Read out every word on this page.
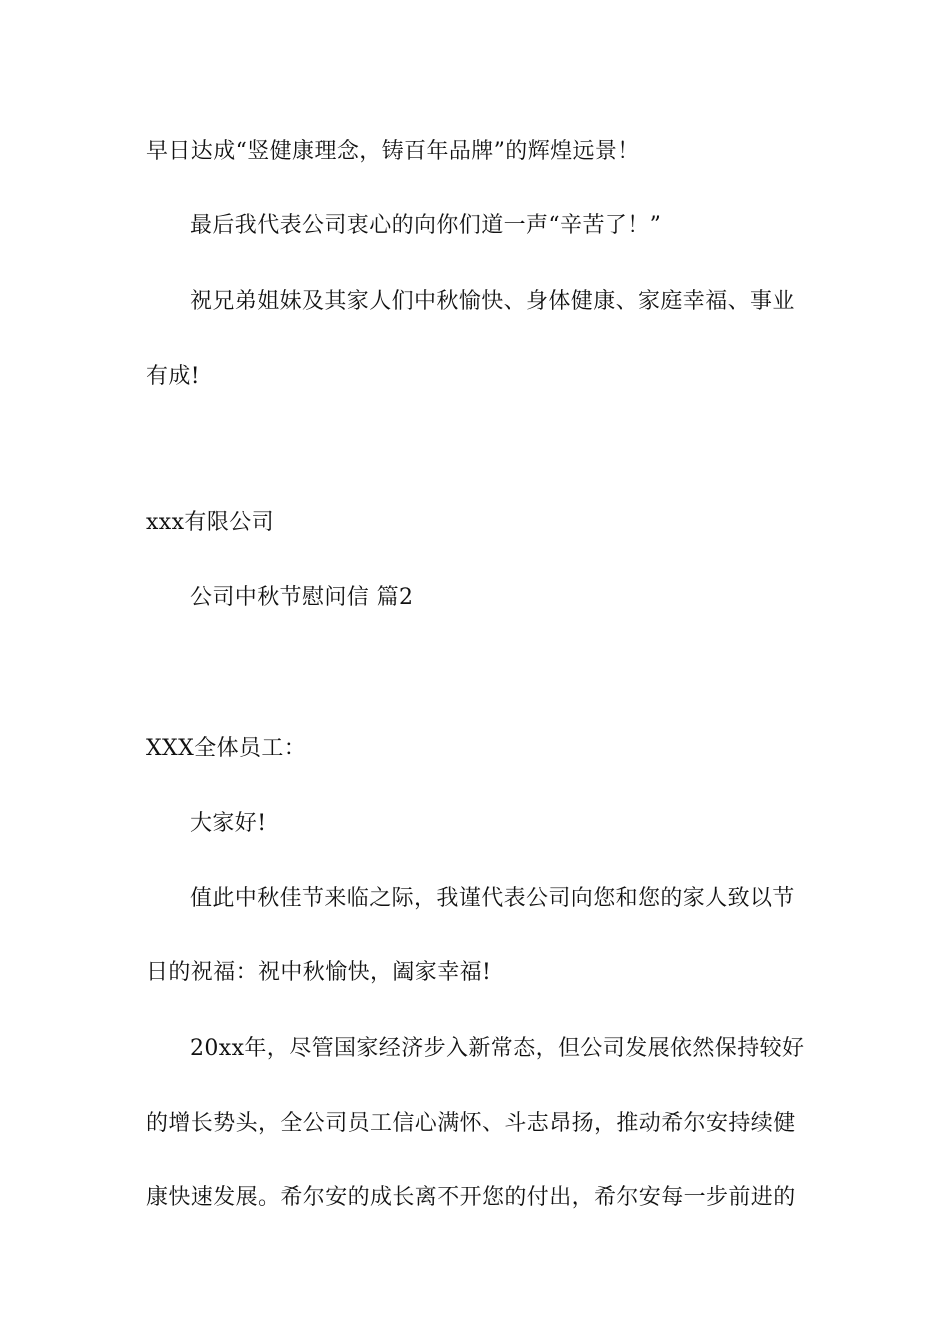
早日达成“竖健康理念，铸百年品牌”的辉煌远景！

最后我代表公司衷心的向你们道一声“辛苦了！”

祝兄弟姐妹及其家人们中秋愉快、身体健康、家庭幸福、事业

有成!

xxx有限公司

公司中秋节慰问信 篇2

XXX全体员工：

大家好!

值此中秋佳节来临之际，我谨代表公司向您和您的家人致以节

日的祝福：祝中秋愉快，阖家幸福!

20xx年，尽管国家经济步入新常态，但公司发展依然保持较好

的增长势头，全公司员工信心满怀、斗志昂扬，推动希尔安持续健

康快速发展。希尔安的成长离不开您的付出，希尔安每一步前进的
